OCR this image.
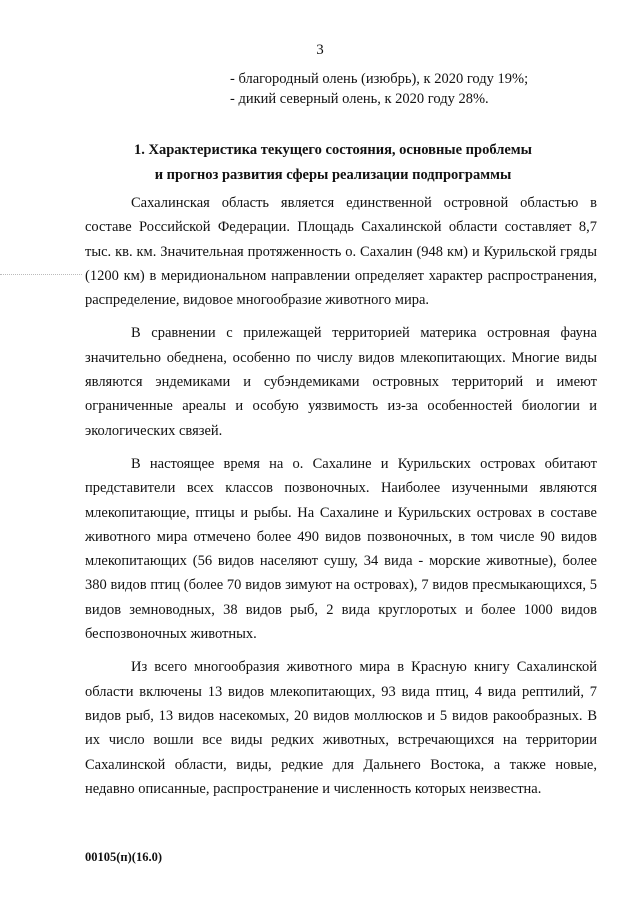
3
- благородный олень (изюбрь), к 2020 году 19%;
- дикий северный олень, к 2020 году 28%.
1. Характеристика текущего состояния, основные проблемы
и прогноз развития сферы реализации подпрограммы

Сахалинская область является единственной островной областью в составе Российской Федерации. Площадь Сахалинской области составляет 8,7 тыс. кв. км. Значительная протяженность о. Сахалин (948 км) и Курильской гряды (1200 км) в меридиональном направлении определяет характер распространения, распределение, видовое многообразие животного мира.

В сравнении с прилежащей территорией материка островная фауна значительно обеднена, особенно по числу видов млекопитающих. Многие виды являются эндемиками и субэндемиками островных территорий и имеют ограниченные ареалы и особую уязвимость из-за особенностей биологии и экологических связей.

В настоящее время на о. Сахалине и Курильских островах обитают представители всех классов позвоночных. Наиболее изученными являются млекопитающие, птицы и рыбы. На Сахалине и Курильских островах в составе животного мира отмечено более 490 видов позвоночных, в том числе 90 видов млекопитающих (56 видов населяют сушу, 34 вида - морские животные), более 380 видов птиц (более 70 видов зимуют на островах), 7 видов пресмыкающихся, 5 видов земноводных, 38 видов рыб, 2 вида круглоротых и более 1000 видов беспозвоночных животных.

Из всего многообразия животного мира в Красную книгу Сахалинской области включены 13 видов млекопитающих, 93 вида птиц, 4 вида рептилий, 7 видов рыб, 13 видов насекомых, 20 видов моллюсков и 5 видов ракообразных. В их число вошли все виды редких животных, встречающихся на территории Сахалинской области, виды, редкие для Дальнего Востока, а также новые, недавно описанные, распространение и численность которых неизвестна.

00105(п)(16.0)
